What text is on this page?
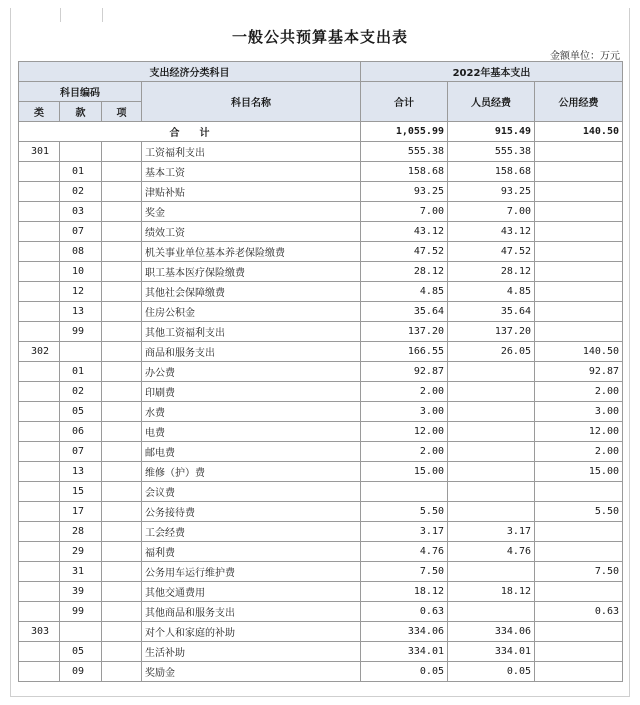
一般公共预算基本支出表
金额单位：万元
支出经济分类科目				2022年基本支出		
科目编码			科目名称	合计	人员经费	公用经费
类	款	项				
合　　计				1,055.99	915.49	140.50
301			工资福利支出	555.38	555.38	
	01		基本工资	158.68	158.68	
	02		津贴补贴	93.25	93.25	
	03		奖金	7.00	7.00	
	07		绩效工资	43.12	43.12	
	08		机关事业单位基本养老保险缴费	47.52	47.52	
	10		职工基本医疗保险缴费	28.12	28.12	
	12		其他社会保障缴费	4.85	4.85	
	13		住房公积金	35.64	35.64	
	99		其他工资福利支出	137.20	137.20	
302			商品和服务支出	166.55	26.05	140.50
	01		办公费	92.87		92.87
	02		印刷费	2.00		2.00
	05		水费	3.00		3.00
	06		电费	12.00		12.00
	07		邮电费	2.00		2.00
	13		维修（护）费	15.00		15.00
	15		会议费			
	17		公务接待费	5.50		5.50
	28		工会经费	3.17	3.17	
	29		福利费	4.76	4.76	
	31		公务用车运行维护费	7.50		7.50
	39		其他交通费用	18.12	18.12	
	99		其他商品和服务支出	0.63		0.63
303			对个人和家庭的补助	334.06	334.06	
	05		生活补助	334.01	334.01	
	09		奖励金	0.05	0.05	
